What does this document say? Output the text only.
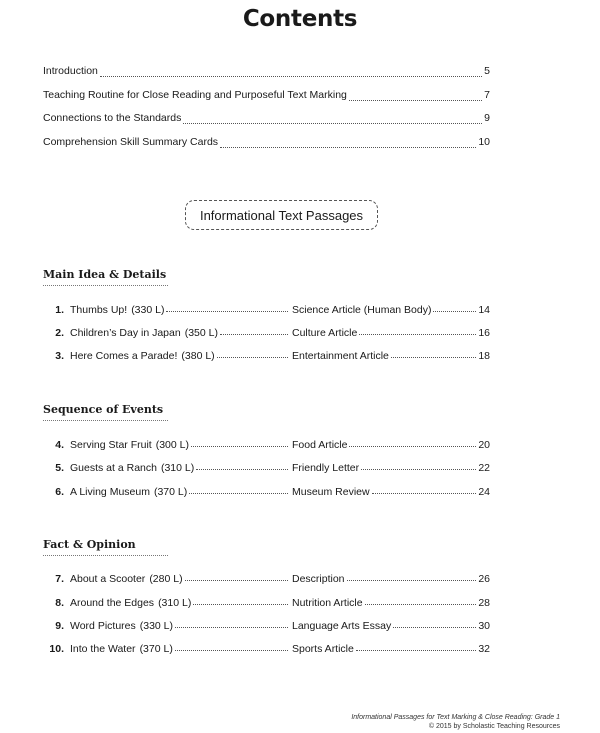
Contents
Introduction	5
Teaching Routine for Close Reading and Purposeful Text Marking	7
Connections to the Standards	9
Comprehension Skill Summary Cards	10
Informational Text Passages
Main Idea & Details
1. Thumbs Up! (330 L)	Science Article (Human Body)	14
2. Children’s Day in Japan (350 L)	Culture Article	16
3. Here Comes a Parade! (380 L)	Entertainment Article	18
Sequence of Events
4. Serving Star Fruit (300 L)	Food Article	20
5. Guests at a Ranch (310 L)	Friendly Letter	22
6. A Living Museum (370 L)	Museum Review	24
Fact & Opinion
7. About a Scooter (280 L)	Description	26
8. Around the Edges (310 L)	Nutrition Article	28
9. Word Pictures (330 L)	Language Arts Essay	30
10. Into the Water (370 L)	Sports Article	32
Informational Passages for Text Marking & Close Reading: Grade 1
© 2015 by Scholastic Teaching Resources
